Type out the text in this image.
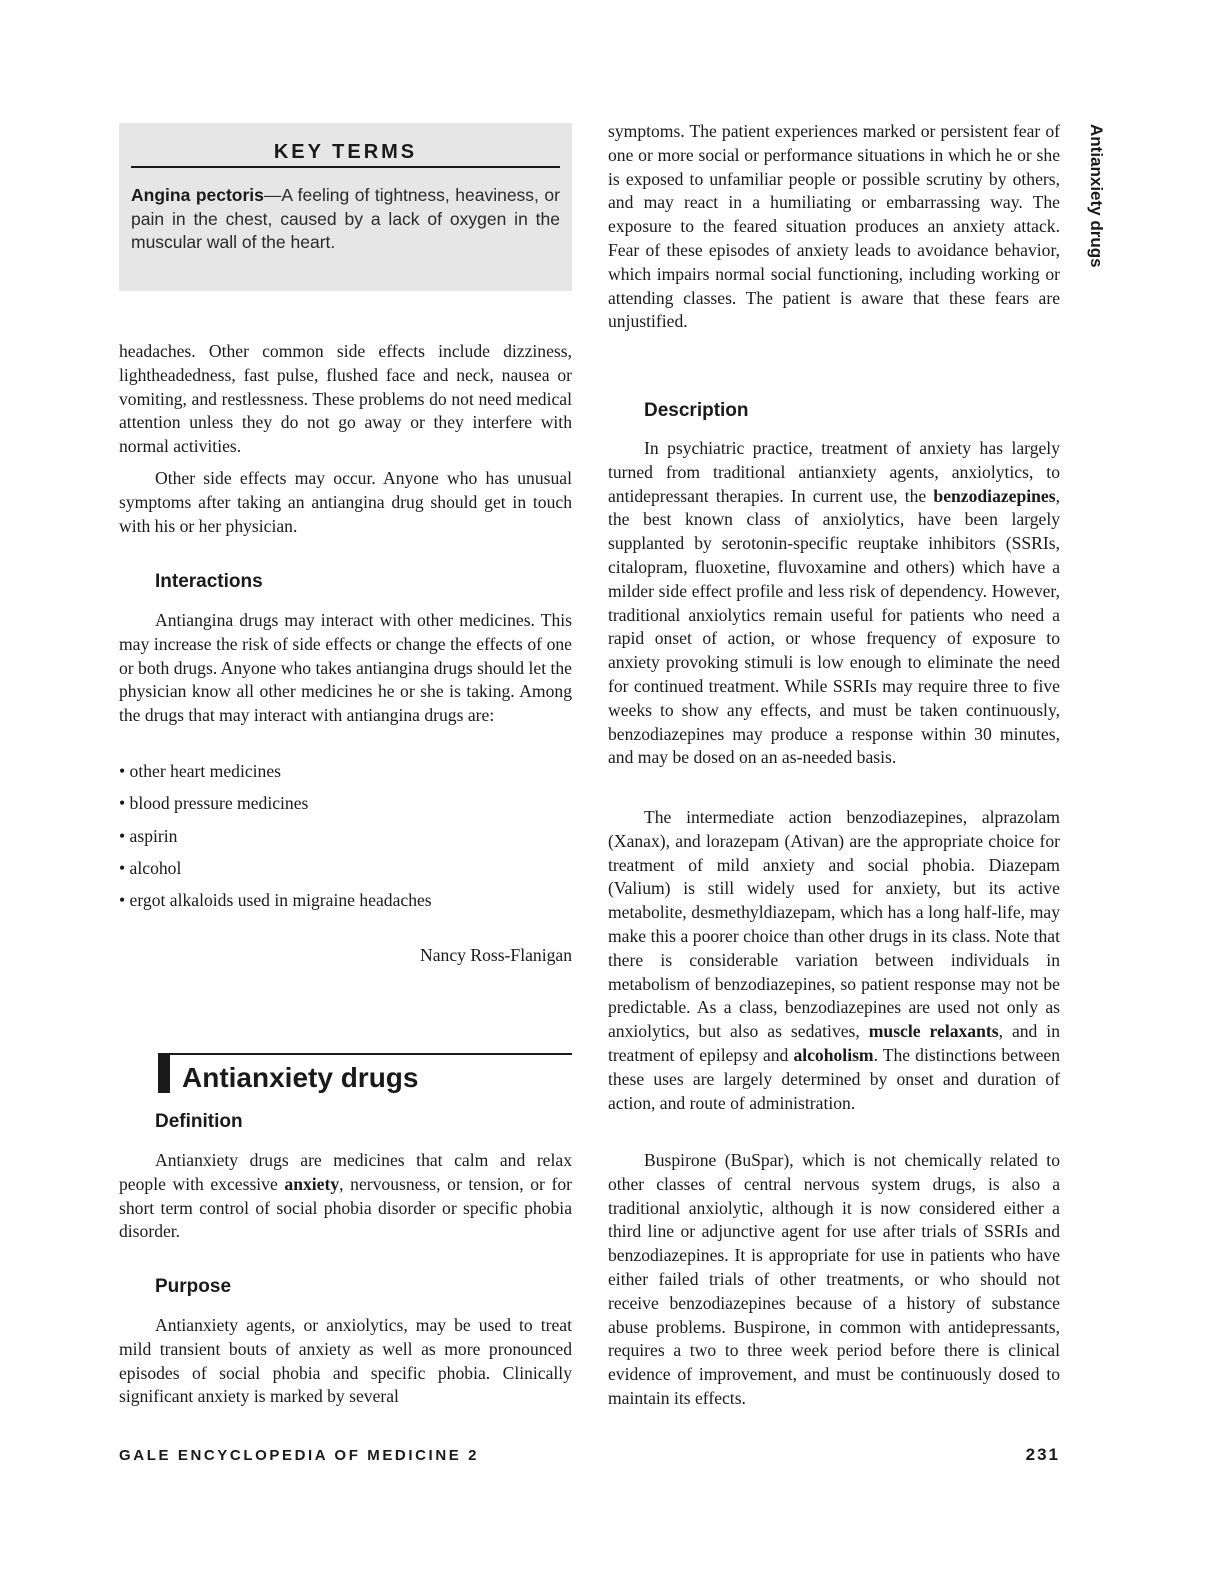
KEY TERMS

Angina pectoris—A feeling of tightness, heaviness, or pain in the chest, caused by a lack of oxygen in the muscular wall of the heart.

headaches. Other common side effects include dizziness, lightheadedness, fast pulse, flushed face and neck, nausea or vomiting, and restlessness. These problems do not need medical attention unless they do not go away or they interfere with normal activities.

Other side effects may occur. Anyone who has unusual symptoms after taking an antiangina drug should get in touch with his or her physician.

Interactions

Antiangina drugs may interact with other medicines. This may increase the risk of side effects or change the effects of one or both drugs. Anyone who takes antiangina drugs should let the physician know all other medicines he or she is taking. Among the drugs that may interact with antiangina drugs are:

• other heart medicines

• blood pressure medicines

• aspirin

• alcohol

• ergot alkaloids used in migraine headaches

Nancy Ross-Flanigan

Antianxiety drugs
Definition

Antianxiety drugs are medicines that calm and relax people with excessive anxiety, nervousness, or tension, or for short term control of social phobia disorder or specific phobia disorder.

Purpose

Antianxiety agents, or anxiolytics, may be used to treat mild transient bouts of anxiety as well as more pronounced episodes of social phobia and specific phobia. Clinically significant anxiety is marked by several

symptoms. The patient experiences marked or persistent fear of one or more social or performance situations in which he or she is exposed to unfamiliar people or possible scrutiny by others, and may react in a humiliating or embarrassing way. The exposure to the feared situation produces an anxiety attack. Fear of these episodes of anxiety leads to avoidance behavior, which impairs normal social functioning, including working or attending classes. The patient is aware that these fears are unjustified.

Description

In psychiatric practice, treatment of anxiety has largely turned from traditional antianxiety agents, anxiolytics, to antidepressant therapies. In current use, the benzodiazepines, the best known class of anxiolytics, have been largely supplanted by serotonin-specific reuptake inhibitors (SSRIs, citalopram, fluoxetine, fluvoxamine and others) which have a milder side effect profile and less risk of dependency. However, traditional anxiolytics remain useful for patients who need a rapid onset of action, or whose frequency of exposure to anxiety provoking stimuli is low enough to eliminate the need for continued treatment. While SSRIs may require three to five weeks to show any effects, and must be taken continuously, benzodiazepines may produce a response within 30 minutes, and may be dosed on an as-needed basis.

The intermediate action benzodiazepines, alprazolam (Xanax), and lorazepam (Ativan) are the appropriate choice for treatment of mild anxiety and social phobia. Diazepam (Valium) is still widely used for anxiety, but its active metabolite, desmethyldiazepam, which has a long half-life, may make this a poorer choice than other drugs in its class. Note that there is considerable variation between individuals in metabolism of benzodiazepines, so patient response may not be predictable. As a class, benzodiazepines are used not only as anxiolytics, but also as sedatives, muscle relaxants, and in treatment of epilepsy and alcoholism. The distinctions between these uses are largely determined by onset and duration of action, and route of administration.

Buspirone (BuSpar), which is not chemically related to other classes of central nervous system drugs, is also a traditional anxiolytic, although it is now considered either a third line or adjunctive agent for use after trials of SSRIs and benzodiazepines. It is appropriate for use in patients who have either failed trials of other treatments, or who should not receive benzodiazepines because of a history of substance abuse problems. Buspirone, in common with antidepressants, requires a two to three week period before there is clinical evidence of improvement, and must be continuously dosed to maintain its effects.

Antianxiety drugs
GALE ENCYCLOPEDIA OF MEDICINE 2	231
